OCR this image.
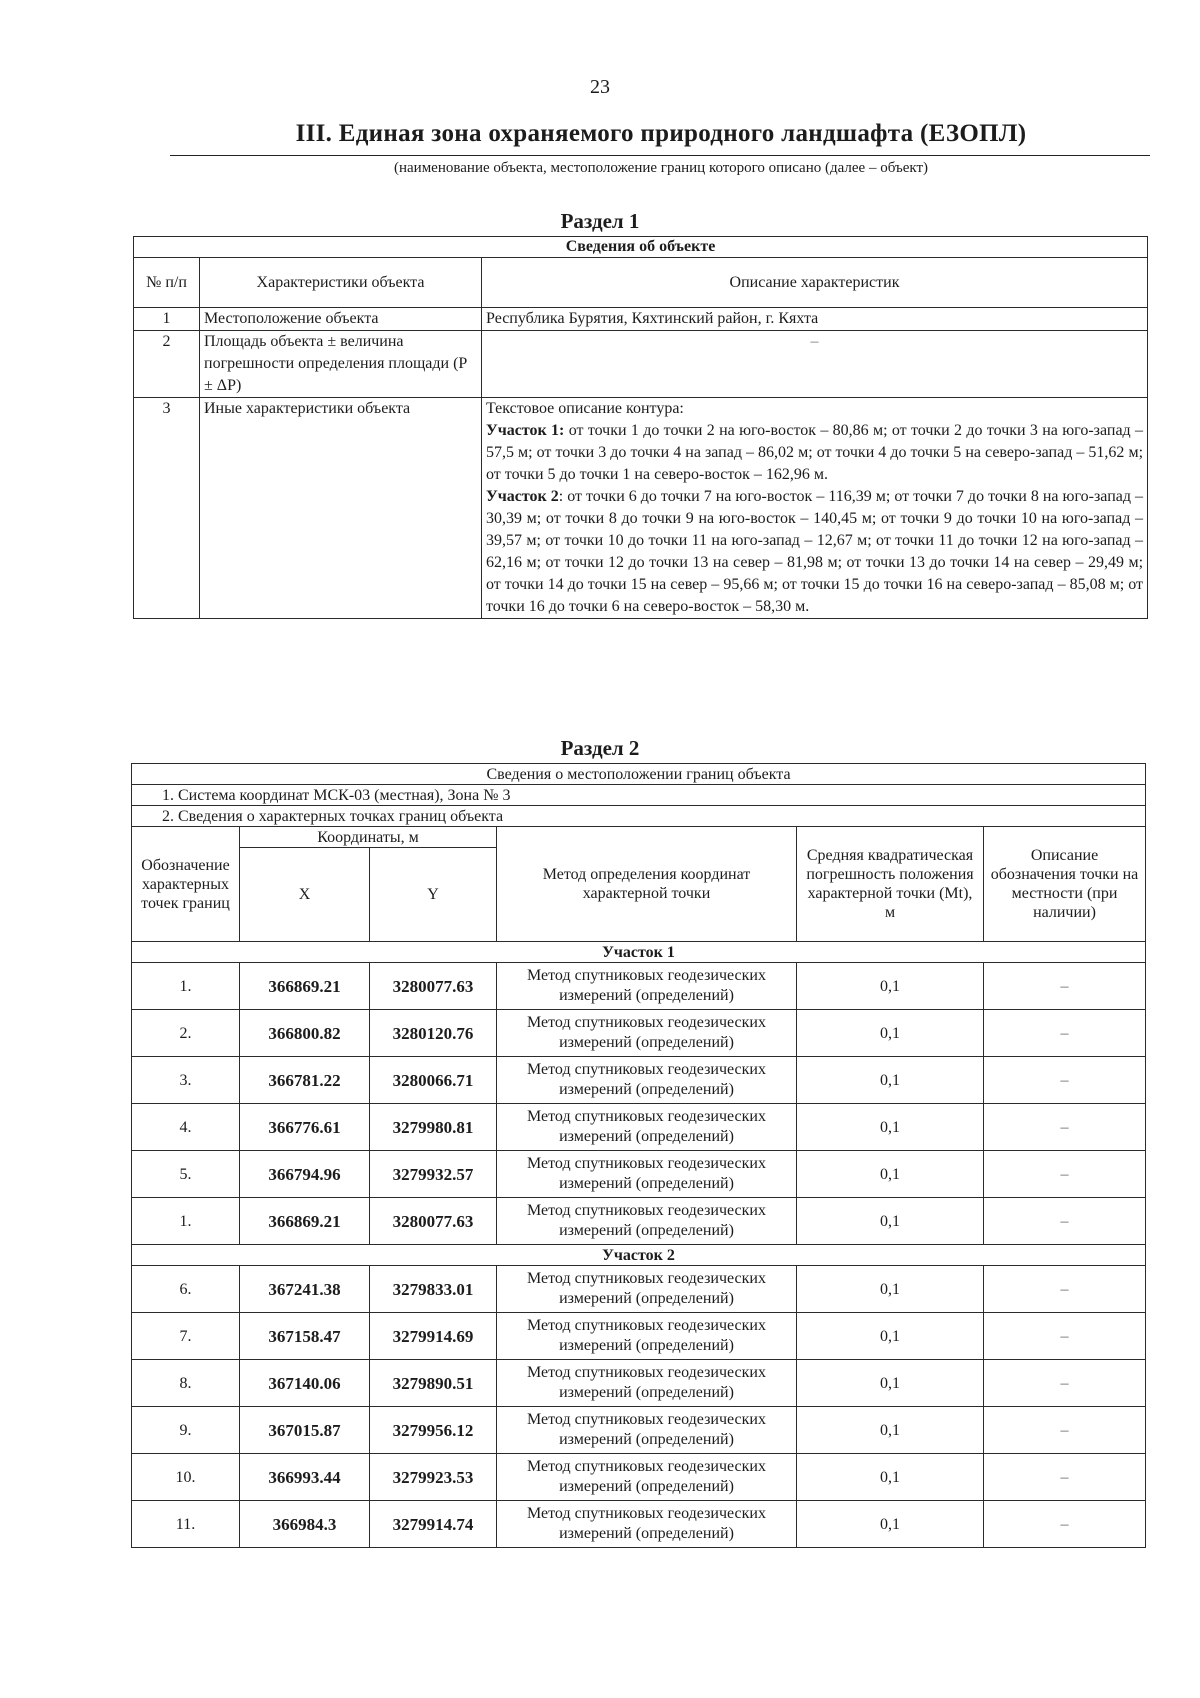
23
III. Единая зона охраняемого природного ландшафта (ЕЗОПЛ)
(наименование объекта, местоположение границ которого описано (далее – объект)
Раздел 1
Сведения об объекте		
№ п/п	Характеристики объекта	Описание характеристик
1	Местоположение объекта	Республика Бурятия, Кяхтинский район, г. Кяхта
2	Площадь объекта ± величина погрешности определения площади (P ± ΔP)	–
3	Иные характеристики объекта	Текстовое описание контура:
Участок 1: от точки 1 до точки 2 на юго-восток – 80,86 м; от точки 2 до точки 3 на юго-запад – 57,5 м; от точки 3 до точки 4 на запад – 86,02 м; от точки 4 до точки 5 на северо-запад – 51,62 м; от точки 5 до точки 1 на северо-восток – 162,96 м.
Участок 2: от точки 6 до точки 7 на юго-восток – 116,39 м; от точки 7 до точки 8 на юго-запад – 30,39 м; от точки 8 до точки 9 на юго-восток – 140,45 м; от точки 9 до точки 10 на юго-запад – 39,57 м; от точки 10 до точки 11 на юго-запад – 12,67 м; от точки 11 до точки 12 на юго-запад – 62,16 м; от точки 12 до точки 13 на север – 81,98 м; от точки 13 до точки 14 на север – 29,49 м; от точки 14 до точки 15 на север – 95,66 м; от точки 15 до точки 16 на северо-запад – 85,08 м; от точки 16 до точки 6 на северо-восток – 58,30 м.
Раздел 2
Сведения о местоположении границ объекта					
1. Система координат МСК-03 (местная), Зона № 3					
2. Сведения о характерных точках границ объекта					
Обозначение характерных точек границ	Координаты, м		Метод определения координат характерной точки	Средняя квадратическая погрешность положения характерной точки (Mt), м	Описание обозначения точки на местности (при наличии)
	X	Y			
Участок 1					
1.	366869.21	3280077.63	Метод спутниковых геодезических измерений (определений)	0,1	–
2.	366800.82	3280120.76	Метод спутниковых геодезических измерений (определений)	0,1	–
3.	366781.22	3280066.71	Метод спутниковых геодезических измерений (определений)	0,1	–
4.	366776.61	3279980.81	Метод спутниковых геодезических измерений (определений)	0,1	–
5.	366794.96	3279932.57	Метод спутниковых геодезических измерений (определений)	0,1	–
1.	366869.21	3280077.63	Метод спутниковых геодезических измерений (определений)	0,1	–
Участок 2					
6.	367241.38	3279833.01	Метод спутниковых геодезических измерений (определений)	0,1	–
7.	367158.47	3279914.69	Метод спутниковых геодезических измерений (определений)	0,1	–
8.	367140.06	3279890.51	Метод спутниковых геодезических измерений (определений)	0,1	–
9.	367015.87	3279956.12	Метод спутниковых геодезических измерений (определений)	0,1	–
10.	366993.44	3279923.53	Метод спутниковых геодезических измерений (определений)	0,1	–
11.	366984.3	3279914.74	Метод спутниковых геодезических измерений (определений)	0,1	–
